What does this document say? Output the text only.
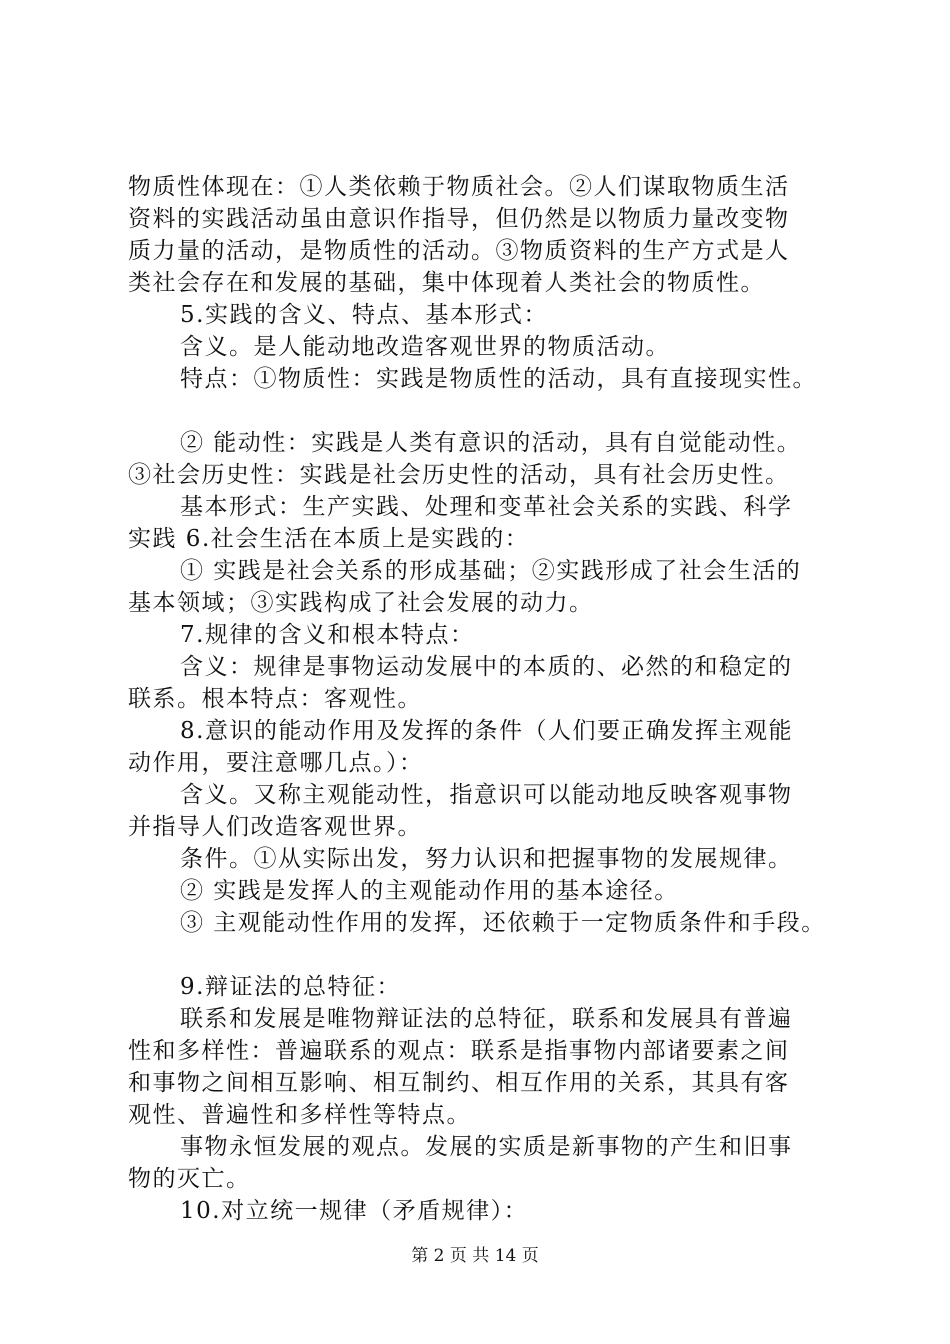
物质性体现在：①人类依赖于物质社会。②人们谋取物质生活
资料的实践活动虽由意识作指导，但仍然是以物质力量改变物
质力量的活动，是物质性的活动。③物质资料的生产方式是人
类社会存在和发展的基础，集中体现着人类社会的物质性。
5.实践的含义、特点、基本形式：
含义。是人能动地改造客观世界的物质活动。
特点：①物质性：实践是物质性的活动，具有直接现实性。
② 能动性：实践是人类有意识的活动，具有自觉能动性。
③社会历史性：实践是社会历史性的活动，具有社会历史性。
基本形式：生产实践、处理和变革社会关系的实践、科学
实践 6.社会生活在本质上是实践的：
① 实践是社会关系的形成基础；②实践形成了社会生活的
基本领域；③实践构成了社会发展的动力。
7.规律的含义和根本特点：
含义：规律是事物运动发展中的本质的、必然的和稳定的
联系。根本特点：客观性。
8.意识的能动作用及发挥的条件（人们要正确发挥主观能
动作用，要注意哪几点。）：
含义。又称主观能动性，指意识可以能动地反映客观事物
并指导人们改造客观世界。
条件。①从实际出发，努力认识和把握事物的发展规律。
② 实践是发挥人的主观能动作用的基本途径。
③ 主观能动性作用的发挥，还依赖于一定物质条件和手段。
9.辩证法的总特征：
联系和发展是唯物辩证法的总特征，联系和发展具有普遍
性和多样性：普遍联系的观点：联系是指事物内部诸要素之间
和事物之间相互影响、相互制约、相互作用的关系，其具有客
观性、普遍性和多样性等特点。
事物永恒发展的观点。发展的实质是新事物的产生和旧事
物的灭亡。
10.对立统一规律（矛盾规律）：
第 2 页 共 14 页
